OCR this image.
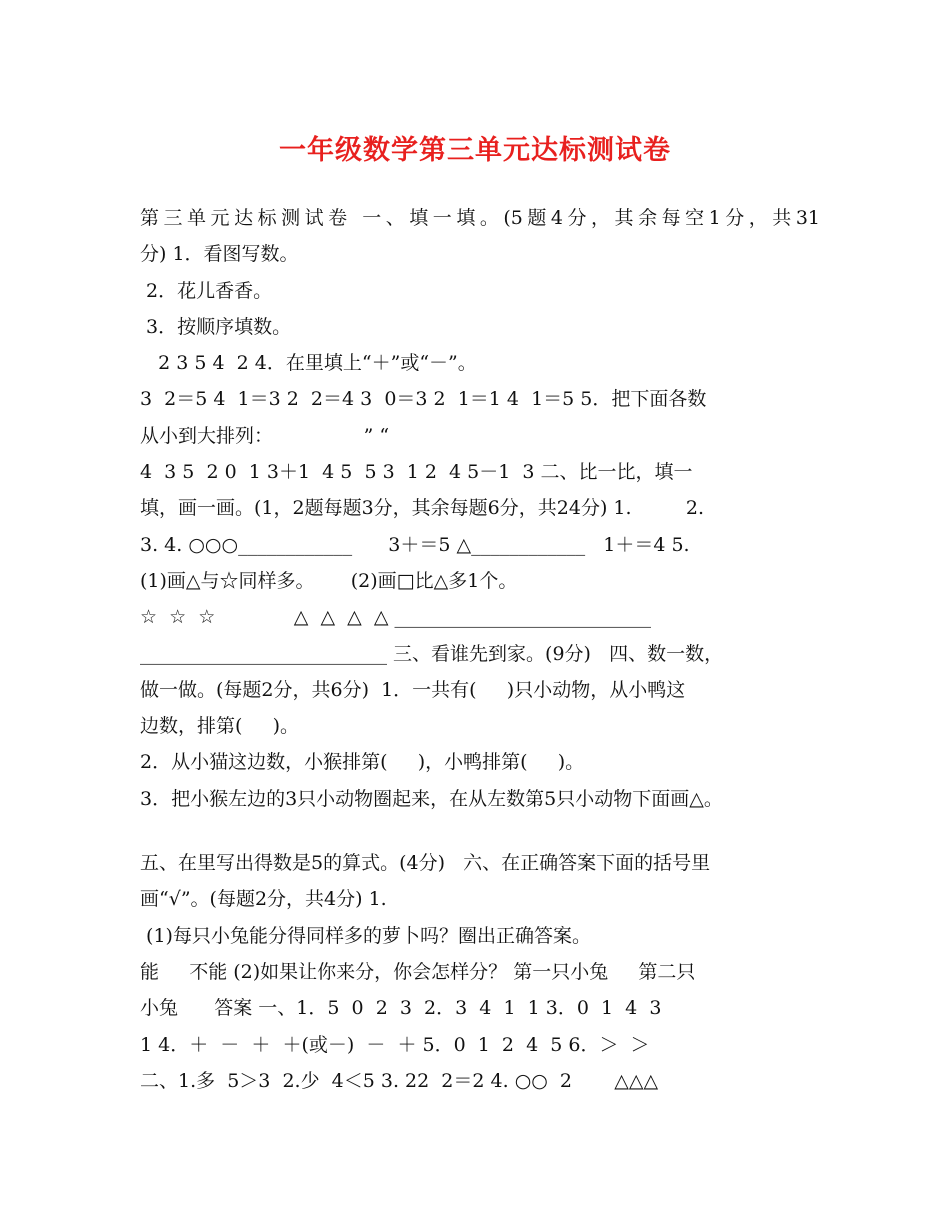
一年级数学第三单元达标测试卷
第三单元达标测试卷 一、填一填。(5题4分，其余每空1分，共31
分) 1．看图写数。
2．花儿香香。
3．按顺序填数。
2 3 5 4  2 4．在里填上“＋”或“－”。
3  2＝5 4  1＝3 2  2＝4 3  0＝3 2  1＝1 4  1＝5 5．把下面各数
从小到大排列：               ” “
4  3 5  2 0  1 3＋1  4 5  5 3  1 2  4 5－1  3 二、比一比，填一
填，画一画。(1，2题每题3分，其余每题6分，共24分) 1.         2.
3. 4. ○○○____________      3＋＝5 △____________   1＋＝4 5.
(1)画△与☆同样多。      (2)画□比△多1个。
☆  ☆  ☆             △  △  △  △ ___________________________
__________________________ 三、看谁先到家。(9分)   四、数一数，
做一做。(每题2分，共6分)  1．一共有(     )只小动物，从小鸭这
边数，排第(     )。
2．从小猫这边数，小猴排第(     )，小鸭排第(     )。
3．把小猴左边的3只小动物圈起来，在从左数第5只小动物下面画△。
五、在里写出得数是5的算式。(4分)   六、在正确答案下面的括号里
画“√”。(每题2分，共4分) 1.
(1)每只小兔能分得同样多的萝卜吗？圈出正确答案。
能     不能 (2)如果让你来分，你会怎样分？ 第一只小兔     第二只
小兔      答案 一、1．5  0  2  3  2．3  4  1  1 3．0  1  4  3
1 4．＋  －  ＋  ＋(或－)  －  ＋ 5．0  1  2  4  5 6．＞  ＞
二、1.多  5＞3  2.少  4＜5 3. 22  2＝2 4. ○○  2       △△△
